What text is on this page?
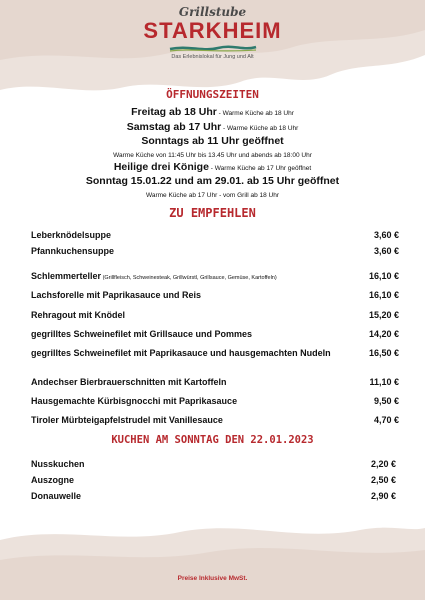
Grillstube
STARKHEIM
Das Erlebnislokal für Jung und Alt
ÖFFNUNGSZEITEN
Freitag ab 18 Uhr - Warme Küche ab 18 Uhr
Samstag ab 17 Uhr - Warme Küche ab 18 Uhr
Sonntags ab 11 Uhr geöffnet
Warme Küche von 11:45 Uhr bis 13.45 Uhr und abends ab 18:00 Uhr
Heilige drei Könige - Warme Küche ab 17 Uhr geöffnet
Sonntag 15.01.22 und am 29.01. ab 15 Uhr geöffnet
Warme Küche ab 17 Uhr - vom Grill ab 18 Uhr
ZU EMPFEHLEN
Leberknödelsuppe	3,60 €
Pfannkuchensuppe	3,60 €
Schlemmerteller (Grillfleisch, Schweinesteak, Grillwürstl, Grillsauce, Gemüse, Kartoffeln)	16,10 €
Lachsforelle mit Paprikasauce und Reis	16,10 €
Rehragout mit Knödel	15,20 €
gegrilltes Schweinefilet mit Grillsauce und Pommes	14,20 €
gegrilltes Schweinefilet mit Paprikasauce und hausgemachten Nudeln	16,50 €
Andechser Bierbrauerschnitten mit Kartoffeln	11,10 €
Hausgemachte Kürbisgnocchi mit Paprikasauce	9,50 €
Tiroler Mürbteigapfelstrudel mit Vanillesauce	4,70 €
KUCHEN AM SONNTAG DEN 22.01.2023
Nusskuchen	2,20 €
Auszogne	2,50 €
Donauwelle	2,90 €
Preise Inklusive MwSt.
